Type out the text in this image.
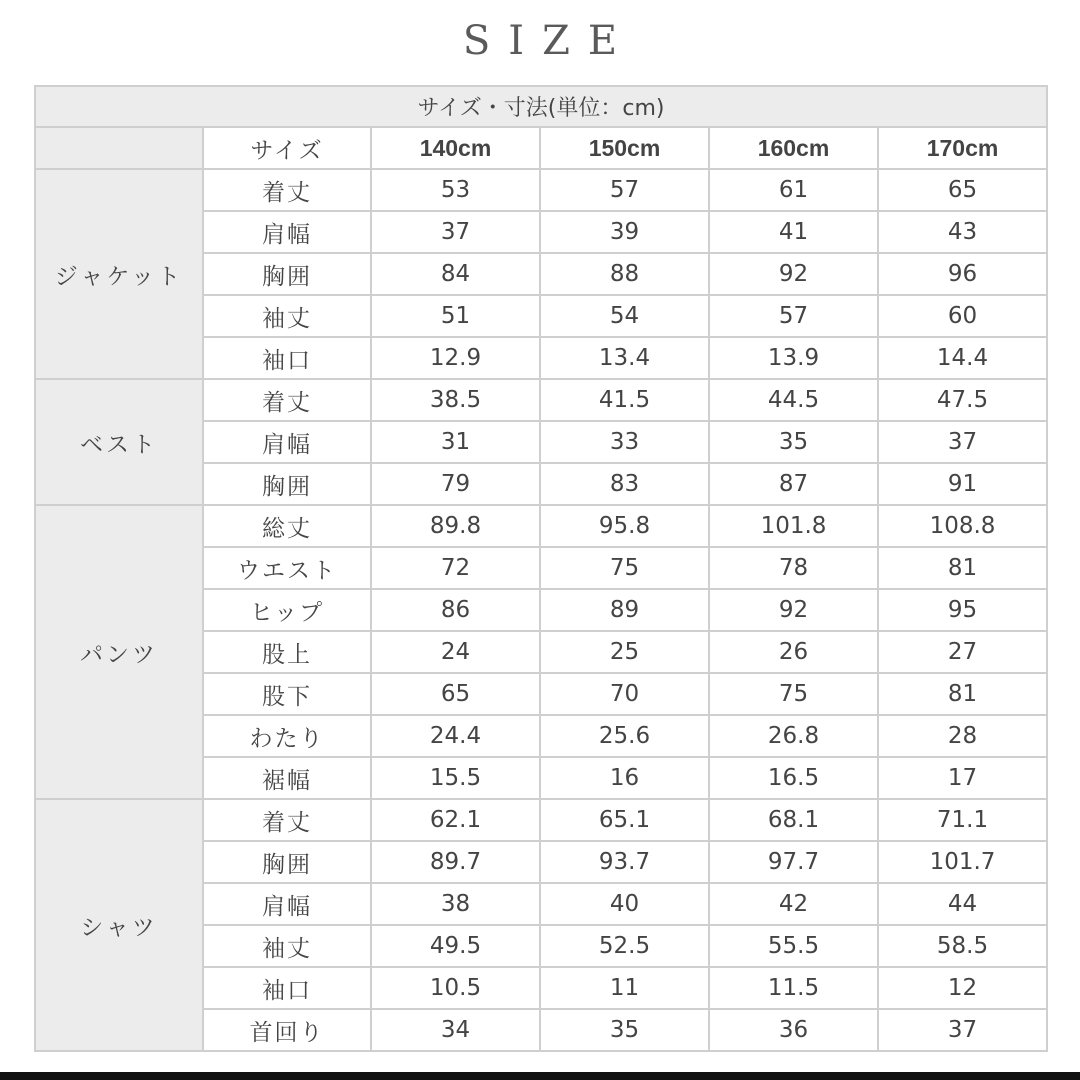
SIZE
サイズ・寸法(単位：cm)					
	サイズ	140cm	150cm	160cm	170cm
ジャケット	着丈	53	57	61	65
	肩幅	37	39	41	43
	胸囲	84	88	92	96
	袖丈	51	54	57	60
	袖口	12.9	13.4	13.9	14.4
ベスト	着丈	38.5	41.5	44.5	47.5
	肩幅	31	33	35	37
	胸囲	79	83	87	91
パンツ	総丈	89.8	95.8	101.8	108.8
	ウエスト	72	75	78	81
	ヒップ	86	89	92	95
	股上	24	25	26	27
	股下	65	70	75	81
	わたり	24.4	25.6	26.8	28
	裾幅	15.5	16	16.5	17
シャツ	着丈	62.1	65.1	68.1	71.1
	胸囲	89.7	93.7	97.7	101.7
	肩幅	38	40	42	44
	袖丈	49.5	52.5	55.5	58.5
	袖口	10.5	11	11.5	12
	首回り	34	35	36	37
